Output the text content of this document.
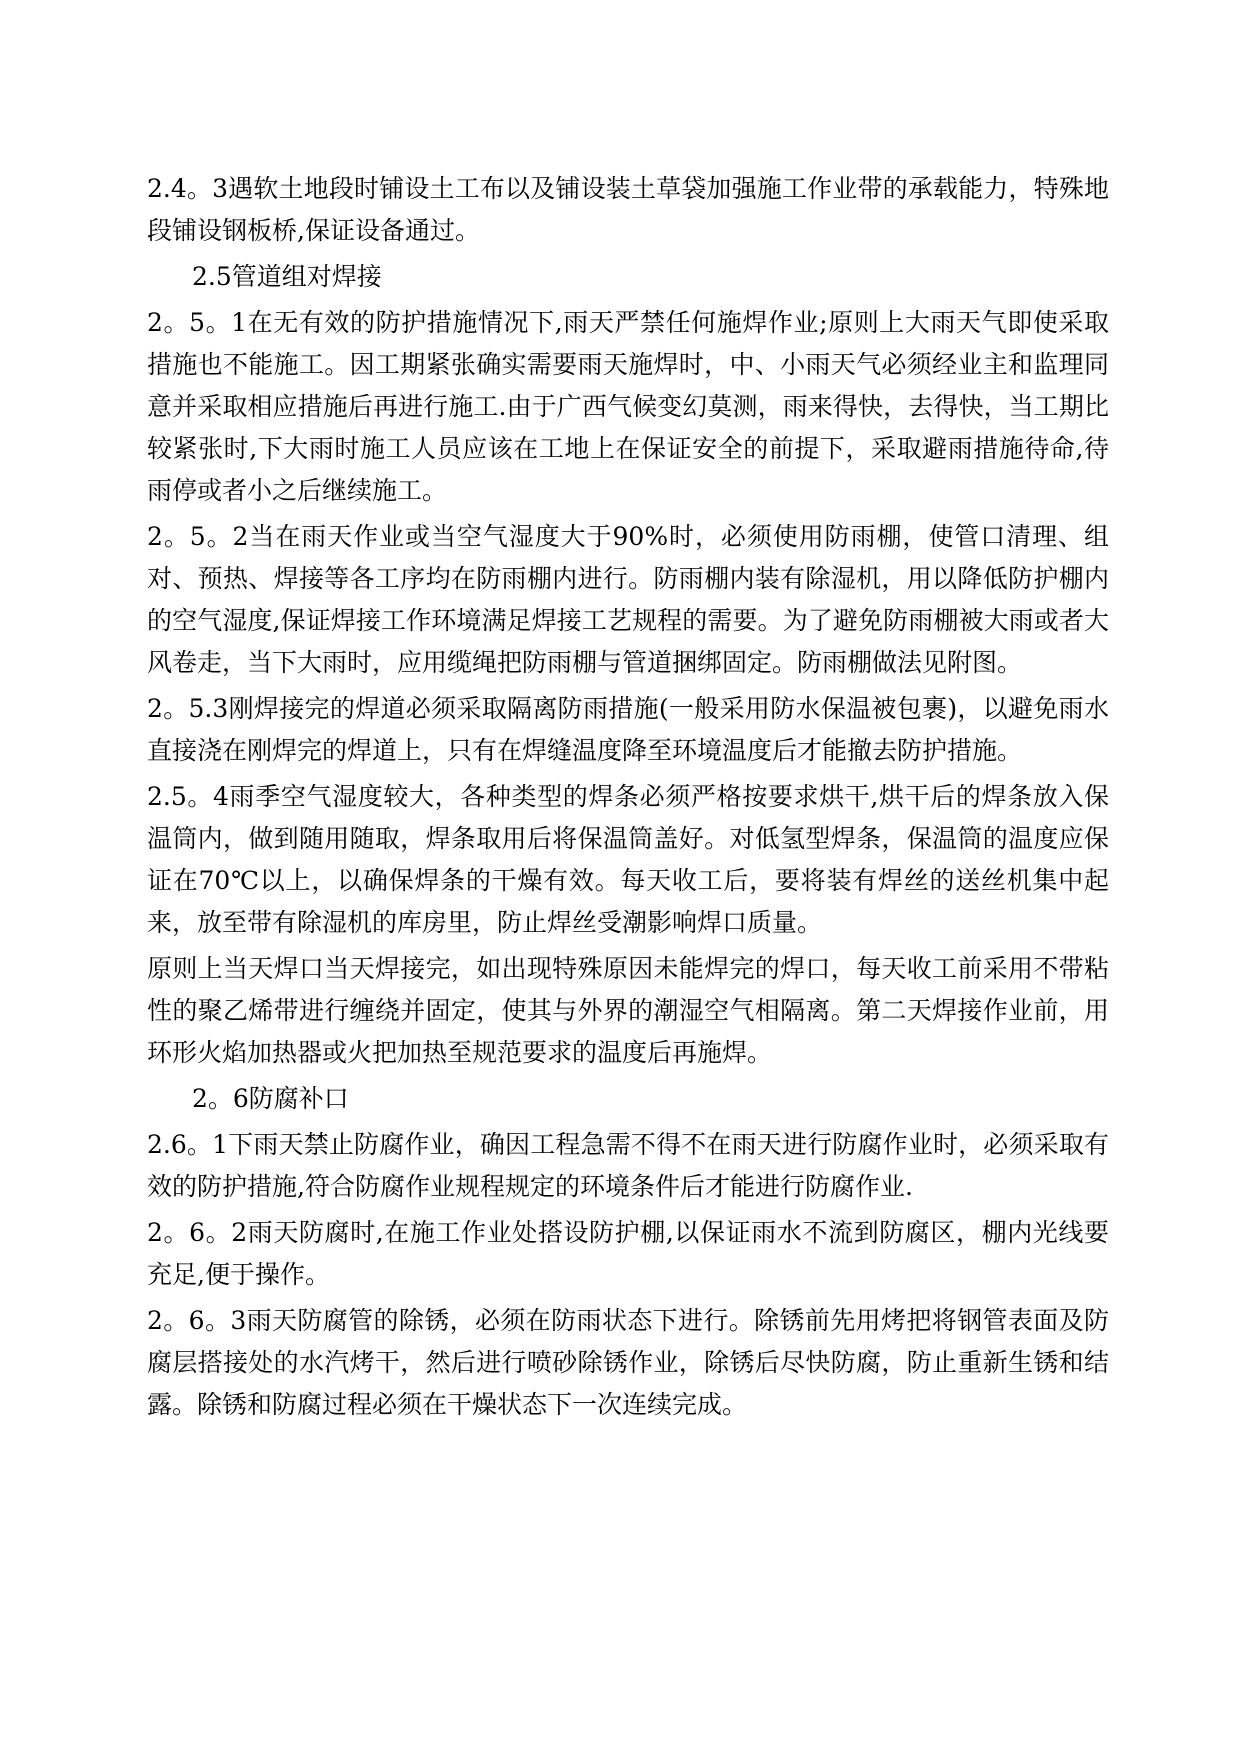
2.4。3遇软土地段时铺设土工布以及铺设装土草袋加强施工作业带的承载能力，特殊地段铺设钢板桥,保证设备通过。

2.5管道组对焊接

2。5。1在无有效的防护措施情况下,雨天严禁任何施焊作业;原则上大雨天气即使采取措施也不能施工。因工期紧张确实需要雨天施焊时，中、小雨天气必须经业主和监理同意并采取相应措施后再进行施工.由于广西气候变幻莫测，雨来得快，去得快，当工期比较紧张时,下大雨时施工人员应该在工地上在保证安全的前提下，采取避雨措施待命,待雨停或者小之后继续施工。

2。5。2当在雨天作业或当空气湿度大于90%时，必须使用防雨棚，使管口清理、组对、预热、焊接等各工序均在防雨棚内进行。防雨棚内装有除湿机，用以降低防护棚内的空气湿度,保证焊接工作环境满足焊接工艺规程的需要。为了避免防雨棚被大雨或者大风卷走，当下大雨时，应用缆绳把防雨棚与管道捆绑固定。防雨棚做法见附图。

2。5.3刚焊接完的焊道必须采取隔离防雨措施(一般采用防水保温被包裹)，以避免雨水直接浇在刚焊完的焊道上，只有在焊缝温度降至环境温度后才能撤去防护措施。

2.5。4雨季空气湿度较大，各种类型的焊条必须严格按要求烘干,烘干后的焊条放入保温筒内，做到随用随取，焊条取用后将保温筒盖好。对低氢型焊条，保温筒的温度应保证在70℃以上，以确保焊条的干燥有效。每天收工后，要将装有焊丝的送丝机集中起来，放至带有除湿机的库房里，防止焊丝受潮影响焊口质量。

原则上当天焊口当天焊接完，如出现特殊原因未能焊完的焊口，每天收工前采用不带粘性的聚乙烯带进行缠绕并固定，使其与外界的潮湿空气相隔离。第二天焊接作业前，用环形火焰加热器或火把加热至规范要求的温度后再施焊。

2。6防腐补口

2.6。1下雨天禁止防腐作业，确因工程急需不得不在雨天进行防腐作业时，必须采取有效的防护措施,符合防腐作业规程规定的环境条件后才能进行防腐作业.

2。6。2雨天防腐时,在施工作业处搭设防护棚,以保证雨水不流到防腐区，棚内光线要充足,便于操作。

2。6。3雨天防腐管的除锈，必须在防雨状态下进行。除锈前先用烤把将钢管表面及防腐层搭接处的水汽烤干，然后进行喷砂除锈作业，除锈后尽快防腐，防止重新生锈和结露。除锈和防腐过程必须在干燥状态下一次连续完成。
